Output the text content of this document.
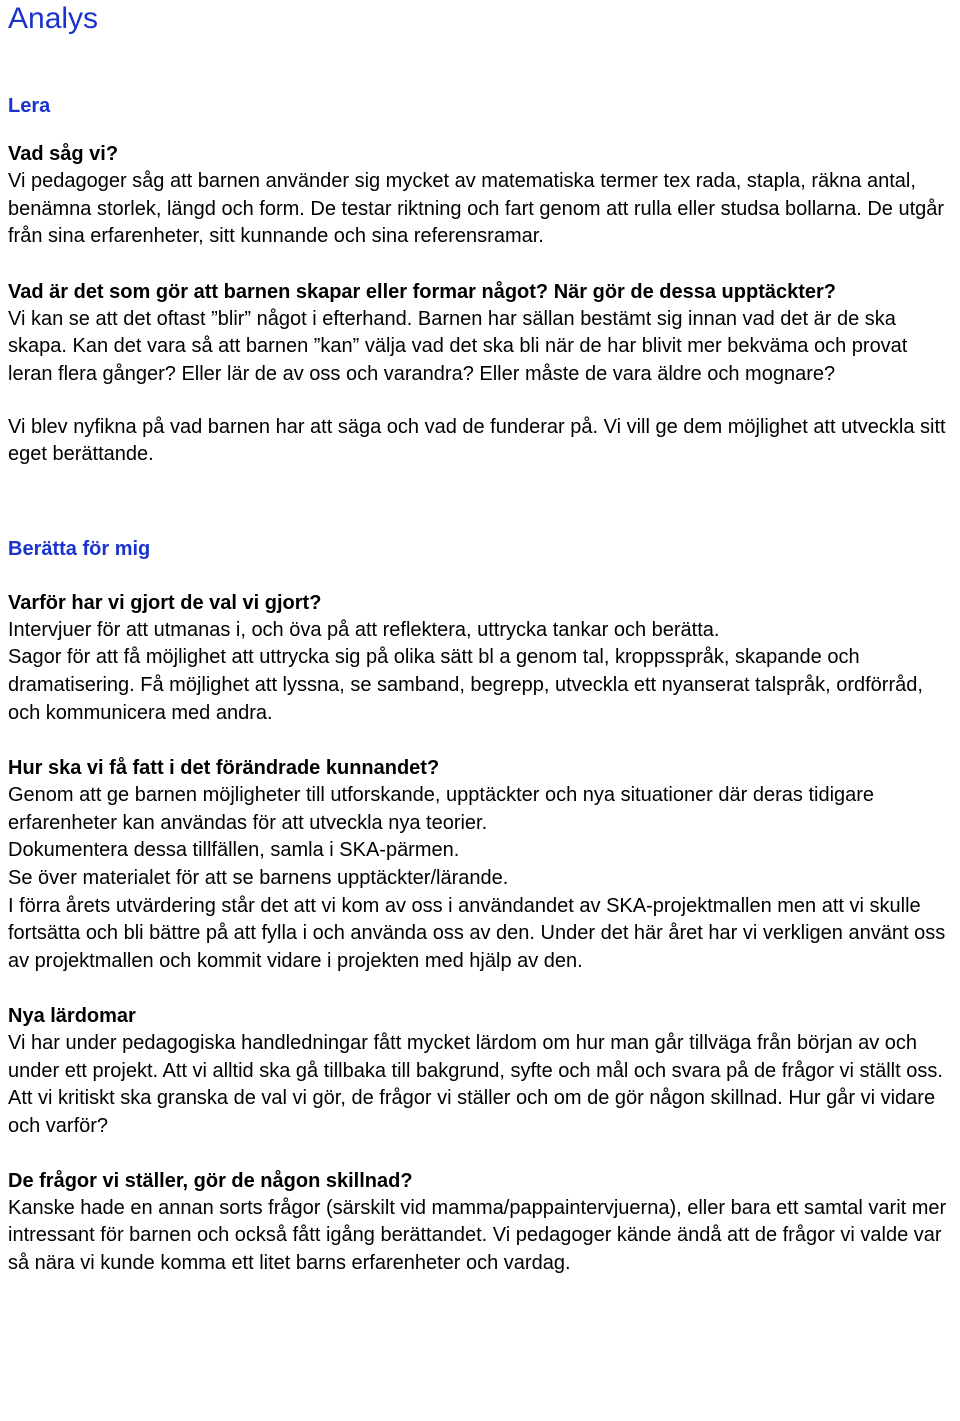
Analys
Lera

Vad såg vi?

Vi pedagoger såg att barnen använder sig mycket av matematiska termer tex rada, stapla, räkna antal, benämna storlek, längd och form. De testar riktning och fart genom att rulla eller studsa bollarna. De utgår från sina erfarenheter, sitt kunnande och sina referensramar.

Vad är det som gör att barnen skapar eller formar något? När gör de dessa upptäckter?

Vi kan se att det oftast ”blir” något i efterhand. Barnen har sällan bestämt sig innan vad det är de ska skapa. Kan det vara så att barnen ”kan” välja vad det ska bli när de har blivit mer bekväma och provat leran flera gånger? Eller lär de av oss och varandra? Eller måste de vara äldre och mognare?

Vi blev nyfikna på vad barnen har att säga och vad de funderar på. Vi vill ge dem möjlighet att utveckla sitt eget berättande.

Berätta för mig

Varför har vi gjort de val vi gjort?

Intervjuer för att utmanas i, och öva på att reflektera, uttrycka tankar och berätta.

Sagor för att få möjlighet att uttrycka sig på olika sätt bl a genom tal, kroppsspråk, skapande och dramatisering. Få möjlighet att lyssna, se samband, begrepp, utveckla ett nyanserat talspråk, ordförråd, och kommunicera med andra.

Hur ska vi få fatt i det förändrade kunnandet?

Genom att ge barnen möjligheter till utforskande, upptäckter och nya situationer där deras tidigare erfarenheter kan användas för att utveckla nya teorier.

Dokumentera dessa tillfällen, samla i SKA-pärmen.

Se över materialet för att se barnens upptäckter/lärande.

I förra årets utvärdering står det att vi kom av oss i användandet av SKA-projektmallen men att vi skulle fortsätta och bli bättre på att fylla i och använda oss av den. Under det här året har vi verkligen använt oss av projektmallen och kommit vidare i projekten med hjälp av den.

Nya lärdomar

Vi har under pedagogiska handledningar fått mycket lärdom om hur man går tillväga från början av och under ett projekt. Att vi alltid ska gå tillbaka till bakgrund, syfte och mål och svara på de frågor vi ställt oss. Att vi kritiskt ska granska de val vi gör, de frågor vi ställer och om de gör någon skillnad. Hur går vi vidare och varför?

De frågor vi ställer, gör de någon skillnad?

Kanske hade en annan sorts frågor (särskilt vid mamma/pappaintervjuerna), eller bara ett samtal varit mer intressant för barnen och också fått igång berättandet. Vi pedagoger kände ändå att de frågor vi valde var så nära vi kunde komma ett litet barns erfarenheter och vardag.
